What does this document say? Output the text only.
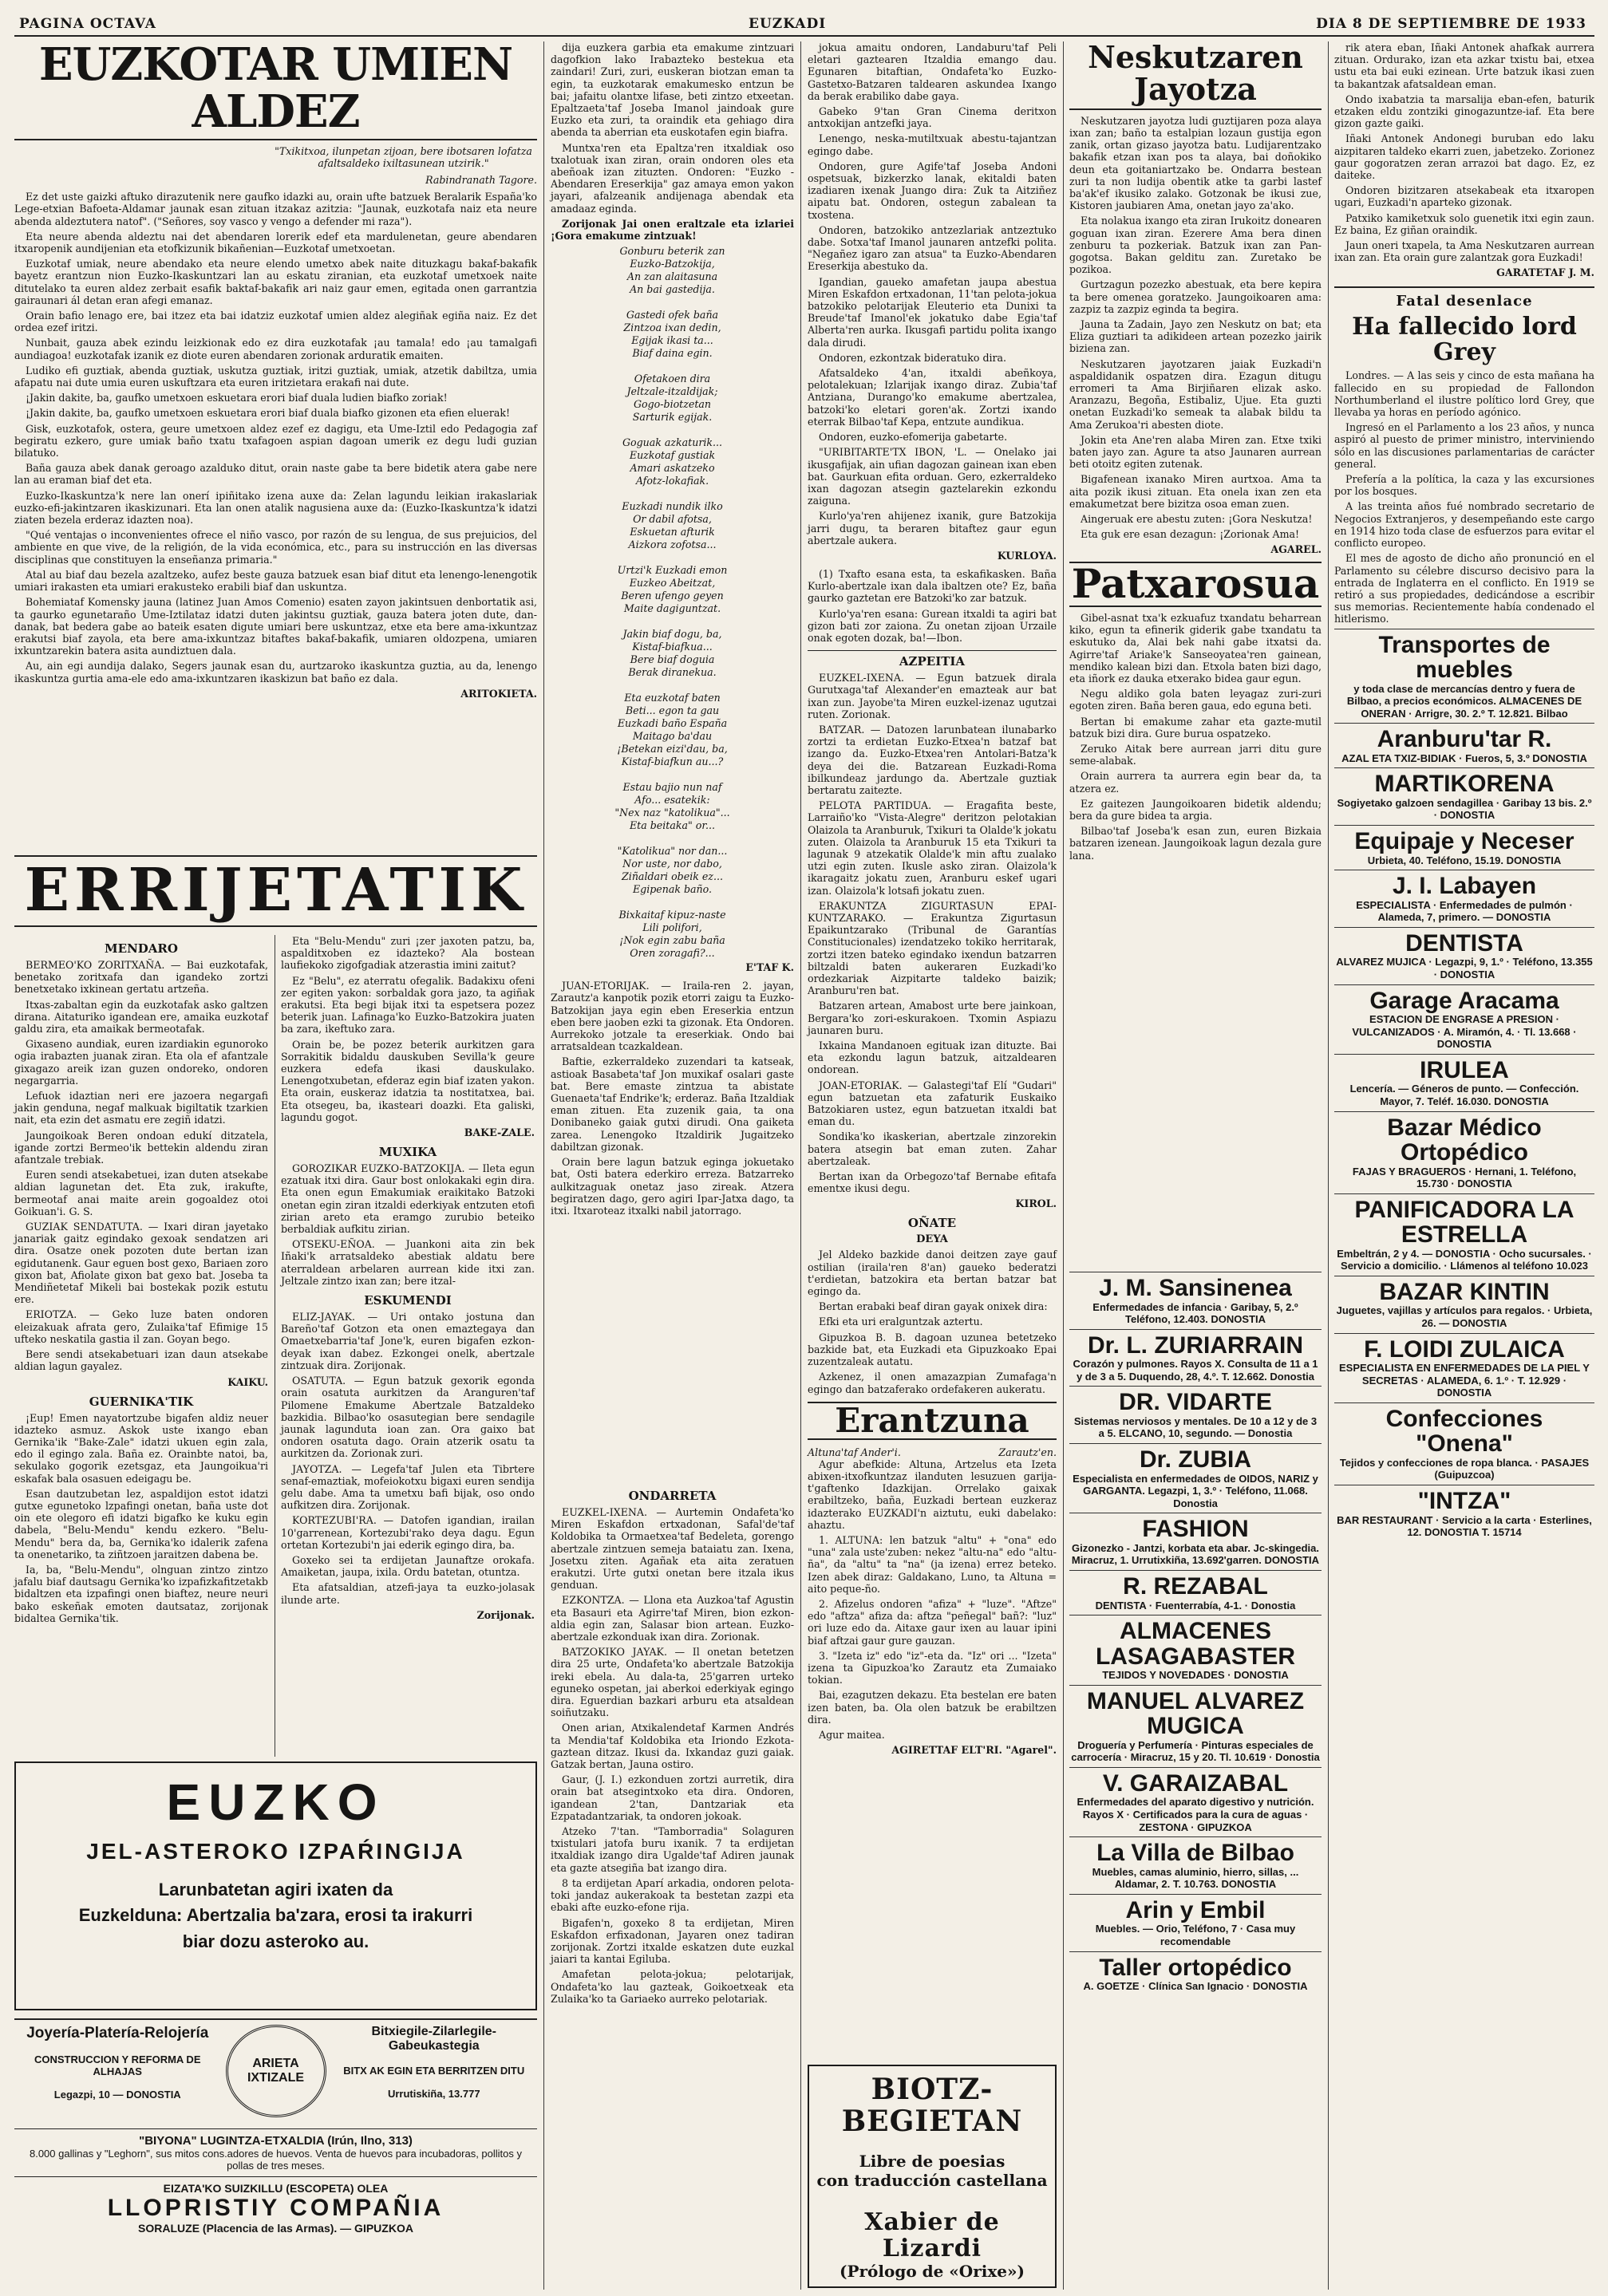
PAGINA OCTAVA	EUZKADI	DIA 8 DE SEPTIEMBRE DE 1933
EUZKOTAR UMIEN ALDEZ

"Txikitxoa, ilunpetan zijoan, bere ibotsaren lofatza afaltsaldeko ixiltasunean utzirik."

Rabindranath Tagore.

Ez det uste gaizki aftuko dirazutenik nere gaufko idazki au, orain ufte batzuek Beralarik España'ko Lege-etxian Bafoeta-Aldamar jaunak esan zituan itzakaz azitzia: "Jaunak, euzkotafa naiz eta neure abenda aldeztutera natof". ("Señores, soy vasco y vengo a defender mi raza").

Eta neure abenda aldeztu nai det abendaren lorerik edef eta mardulenetan, geure abendaren itxaropenik aundijenian eta etofkizunik bikañenian—Euzkotaf umetxoetan.

Euzkotaf umiak, neure abendako eta neure elendo umetxo abek naite dituzkagu bakaf-bakafik bayetz erantzun nion Euzko-Ikaskuntzari lan au eskatu ziranian, eta euzkotaf umetxoek naite ditutelako ta euren aldez zerbait esafik baktaf-bakafik ari naiz gaur emen, egitada onen garrantzia gairaunari ál detan eran afegi emanaz.

Orain bafio lenago ere, bai itzez eta bai idatziz euzkotaf umien aldez alegiñak egiña naiz. Ez det ordea ezef iritzi.

Nunbait, gauza abek ezindu leizkionak edo ez dira euzkotafak ¡au tamala! edo ¡au tamalgafi aundiagoa! euzkotafak izanik ez diote euren abendaren zorionak arduratik emaiten.

Ludiko efi guztiak, abenda guztiak, uskutza guztiak, iritzi guztiak, umiak, atzetik dabiltza, umia afapatu nai dute umia euren uskuftzara eta euren iritzietara erakafi nai dute.

¡Jakin dakite, ba, gaufko umetxoen eskuetara erori biaf duala ludien biafko zoriak!

¡Jakin dakite, ba, gaufko umetxoen eskuetara erori biaf duala biafko gizonen eta efien eluerak!

Gisk, euzkotafok, ostera, geure umetxoen aldez ezef ez dagigu, eta Ume-Iztil edo Pedagogia zaf begiratu ezkero, gure umiak baño txatu txafagoen aspian dagoan umerik ez degu ludi guzian bilatuko.

Baña gauza abek danak geroago azalduko ditut, orain naste gabe ta bere bidetik atera gabe nere lan au eraman biaf det eta.

Euzko-Ikaskuntza'k nere lan onerí ipiñitako izena auxe da: Zelan lagundu leikian irakaslariak euzko-efi-jakintzaren ikaskizunari. Eta lan onen atalik nagusiena auxe da: (Euzko-Ikaskuntza'k idatzi ziaten bezela erderaz idazten noa).

"Qué ventajas o inconvenientes ofrece el niño vasco, por razón de su lengua, de sus prejuicios, del ambiente en que vive, de la religión, de la vida económica, etc., para su instrucción en las diversas disciplinas que constituyen la enseñanza primaria."

Atal au biaf dau bezela azaltzeko, aufez beste gauza batzuek esan biaf ditut eta lenengo-lenengotik umiari irakasten eta umiari erakusteko erabili biaf dan uskuntza.

Bohemiataf Komensky jauna (latinez Juan Amos Comenio) esaten zayon jakintsuen denbortatik asi, ta gaurko egunetaraño Ume-Iztilataz idatzi duten jakintsu guztiak, gauza batera joten dute, dan-danak, bat bedera gabe ao bateik esaten digute umiari bere uskuntzaz, etxe eta bere ama-ixkuntzaz erakutsi biaf zayola, eta bere ama-ixkuntzaz bitaftes bakaf-bakafik, umiaren oldozpena, umiaren ixkuntzarekin batera asita aundiztuen dala.

Au, ain egi aundija dalako, Segers jaunak esan du, aurtzaroko ikaskuntza guztia, au da, lenengo ikaskuntza gurtia ama-ele edo ama-ixkuntzaren ikaskizun bat baño ez dala.

ARITOKIETA.

ERRIJETATIK
MENDARO

BERMEO'KO ZORITXAÑA. — Bai euzkotafak, benetako zoritxafa dan igandeko zortzi benetxetako ixkinean gertatu artzeña.

Itxas-zabaltan egin da euzkotafak asko galtzen dirana. Aitaturiko igandean ere, amaika euzkotaf galdu zira, eta amaikak bermeotafak.

Gixaseno aundiak, euren izardiakin egunoroko ogia irabazten juanak ziran. Eta ola ef afantzale gixagazo areik izan guzen ondoreko, ondoren negargarria.

Lefuok idaztian neri ere jazoera negargafi jakin genduna, negaf malkuak bigiltatik tzarkien nait, eta ezin det asmatu ere zegiñ idatzi.

Jaungoikoak Beren ondoan edukí ditzatela, igande zortzi Bermeo'ik bettekin aldendu ziran afantzale trebiak.

Euren sendi atsekabetuei, izan duten atsekabe aldian lagunetan det. Eta zuk, irakufte, bermeotaf anai maite arein gogoaldez otoi Goikuan'i. G. S.

GUZIAK SENDATUTA. — Ixari diran jayetako janariak gaitz egindako gexoak sendatzen ari dira. Osatze onek pozoten dute bertan izan egidutanenk. Gaur eguen bost gexo, Bariaen zoro gixon bat, Afiolate gixon bat gexo bat. Joseba ta Mendiñetetaf Mikeli bai bostekak pozik estutu ere.

ERIOTZA. — Geko luze baten ondoren eleizakuak afrata gero, Zulaika'taf Efimige 15 ufteko neskatila gastia il zan. Goyan bego.

Bere sendi atsekabetuari izan daun atsekabe aldian lagun gayalez.

KAIKU.

GUERNIKA'TIK

¡Eup! Emen nayatortzube bigafen aldiz neuer idazteko asmuz. Askok uste ixango eban Gernika'ik "Bake-Zale" idatzi ukuen egin zala, edo il egingo zala. Baña ez. Orainbte natoi, ba, sekulako gogorik ezetsgaz, eta Jaungoikua'ri eskafak bala osasuen edeigagu be.

Esan dautzubetan lez, aspaldijon estot idatzi gutxe egunetoko lzpafingi onetan, baña uste dot oin ete olegoro efi idatzi bigafko ke kuku egin dabela, "Belu-Mendu" kendu ezkero. "Belu-Mendu" bera da, ba, Gernika'ko idalerik zafena ta onenetariko, ta ziñtzoen jaraitzen dabena be.

Ia, ba, "Belu-Mendu", olnguan zintzo zintzo jafalu biaf dautsagu Gernika'ko izpafizkafitzetakb bidaltzen eta izpafingi onen biaftez, neure neuri bako eskeñak emoten dautsataz, zorijonak bidaltea Gernika'tik.

Eta "Belu-Mendu" zuri ¡zer jaxoten patzu, ba, aspalditxoben ez idazteko? Ala bostean laufiekoko zigofgadiak atzerastia imini zaitut?

Ez "Belu", ez aterratu ofegalik. Badakixu ofeni zer egiten yakon: sorbaldak gora jazo, ta agiñak erakutsi. Eta begi bijak itxi ta espetsera pozez beterik juan. Lafinaga'ko Euzko-Batzokira juaten ba zara, ikeftuko zara.

Orain be, be pozez beterik aurkitzen gara Sorrakitik bidaldu dauskuben Sevilla'k geure euzkera edefa ikasi dauskulako. Lenengotxubetan, efderaz egin biaf izaten yakon. Eta orain, euskeraz idatzia ta nostitatxea, bai. Eta otsegeu, ba, ikasteari doazki. Eta galiski, lagundu gogot.

BAKE-ZALE.

MUXIKA

GOROZIKAR EUZKO-BATZOKIJA. — Ileta egun ezatuak itxi dira. Gaur bost onlokakaki egin dira. Eta onen egun Emakumiak eraikitako Batzoki onetan egin ziran itzaldi ederkiyak entzuten etofi zirian areto eta eramgo zurubio beteiko berbaldiak aufkitu zirian.

OTSEKU-EÑOA. — Juankoni aita zin bek Iñaki'k arratsaldeko abestiak aldatu bere aterraldean arbelaren aurrean kide itxi zan. Jeltzale zintzo ixan zan; bere itzal-

ESKUMENDI

ELIZ-JAYAK. — Uri ontako jostuna dan Bareño'taf Gotzon eta onen emaztegaya dan Omaetxebarria'taf Jone'k, euren bigafen ezkon-deyak ixan dabez. Ezkongei onelk, abertzale zintzuak dira. Zorijonak.

OSATUTA. — Egun batzuk gexorik egonda orain osatuta aurkitzen da Aranguren'taf Pilomene Emakume Abertzale Batzaldeko bazkidia. Bilbao'ko osasutegian bere sendagile jaunak lagunduta ioan zan. Ora gaixo bat ondoren osatuta dago. Orain atzerik osatu ta aurkitzen da. Zorionak zuri.

JAYOTZA. — Legefa'taf Julen eta Tibrtere senaf-emaztiak, mofeiokotxu bigaxi euren sendija gelu dabe. Ama ta umetxu bafi bijak, oso ondo aufkitzen dira. Zorijonak.

KORTEZUBI'RA. — Datofen igandian, irailan 10'garrenean, Kortezubi'rako deya dagu. Egun ortetan Kortezubi'n jai ederik egingo dira, ba.

Goxeko sei ta erdijetan Jaunaftze orokafa. Amaiketan, jaupa, ixila. Ordu batetan, otuntza.

Eta afatsaldian, atzefi-jaya ta euzko-jolasak ilunde arte.

Zorijonak.

EUZKO
JEL-ASTEROKO IZPAŔINGIJA
Larunbatetan agiri ixaten da
Euzkelduna: Abertzalia ba'zara, erosi ta irakurri
biar dozu asteroko au.
Joyería-Platería-Relojería
CONSTRUCCION Y REFORMA DE ALHAJAS
Legazpi, 10 — DONOSTIA
ARIETA IXTIZALE
Bitxiegile-Zilarlegile-Gabeukastegia
BITX AK EGIN ETA BERRITZEN DITU
Urrutiskiña, 13.777
"BIYONA" LUGINTZA-ETXALDIA (Irún, Ilno, 313)
8.000 gallinas y "Leghorn", sus mitos cons.adores de huevos. Venta de huevos para incubadoras, pollitos y pollas de tres meses.
EIZATA'KO SUIZKILLU (ESCOPETA) OLEA
LLOPRISTIY COMPAÑIA
SORALUZE (Placencia de las Armas). — GIPUZKOA

dija euzkera garbia eta emakume zintzuari dagofkion lako Irabazteko bestekua eta zaindari! Zuri, zuri, euskeran biotzan eman ta egin, ta euzkotarak emakumesko entzun be bai; jafaitu olantxe lifase, beti zintzo etxeetan. Epaltzaeta'taf Joseba Imanol jaindoak gure Euzko eta zuri, ta oraindik eta gehiago dira abenda ta aberrian eta euskotafen egin biafra.

Muntxa'ren eta Epaltza'ren itxaldiak oso txalotuak ixan ziran, orain ondoren oles eta abeñoak izan zituzten. Ondoren: "Euzko -Abendaren Ereserkija" gaz amaya emon yakon jayari, afalzeanik andijenaga abendak eta amadaaz eginda.

Zorijonak Jai onen eraltzale eta izlariei ¡Gora emakume zintzuak!

Gonburu beterik zan
Euzko-Batzokija,
An zan alaitasuna
An bai gastedija.

Gastedi ofek baña
Zintzoa ixan dedin,
Egijak ikasi ta...
Biaf daina egin.

Ofetakoen dira
Jeltzale-itzaldijak;
Gogo-biotzetan
Sarturik egijak.

Goguak azkaturik...
Euzkotaf gustiak
Amari askatzeko
Afotz-lokafiak.

Euzkadi nundik ilko
Or dabil afotsa,
Eskuetan afturik
Aizkora zofotsa...

Urtzi'k Euzkadi emon
Euzkeo Abeitzat,
Beren ufengo geyen
Maite dagiguntzat.

Jakin biaf dogu, ba,
Kistaf-biafkua...
Bere biaf doguia
Berak diranekua.

Eta euzkotaf baten
Beti... egon ta gau
Euzkadi baño España
Maitago ba'dau
¡Betekan eizi'dau, ba,
Kistaf-biafkun au...?

Estau bajio nun naf
Afo... esatekik:
"Nex naz "katolikua"...
Eta beitaka" or...

"Katolikua" nor dan...
Nor uste, nor dabo,
Ziñaldari obeik ez...
Egipenak baño.

Bixkaitaf kipuz-naste
Lili polifori,
¡Nok egin zabu baña
Oren zoragafi?...

E'TAF K.

JUAN-ETORIJAK. — Iraila-ren 2. jayan, Zarautz'a kanpotik pozik etorri zaigu ta Euzko-Batzokijan jaya egin eben Ereserkia entzun eben bere jaoben ezki ta gizonak. Eta Ondoren. Aurrekoko jotzale ta ereserkiak. Ondo bai arratsaldean tcazkaldean.

Baftie, ezkerraldeko zuzendari ta katseak, astioak Basabeta'taf Jon muxikaf osalari gaste bat. Bere emaste zintzua ta abistate Guenaeta'taf Endrike'k; erderaz. Baña Itzaldiak eman zituen. Eta zuzenik gaia, ta ona Donibaneko gaiak gutxi dirudi. Ona gaiketa zarea. Lenengoko Itzaldirik Jugaitzeko dabiltzan gizonak.

Orain bere lagun batzuk eginga jokuetako bat, Osti batera ederkiro erreza. Batzarreko aulkitzaguak onetaz jaso zireak. Atzera begiratzen dago, gero agiri Ipar-Jatxa dago, ta itxi. Itxaroteaz itxalki nabil jatorrago.

ONDARRETA

EUZKEL-IXENA. — Aurtemin Ondafeta'ko Miren Eskafdon ertxadonan, Safal'de'taf Koldobika ta Ormaetxea'taf Bedeleta, gorengo abertzale zintzuen semeja bataiatu zan. Ixena, Josetxu ziten. Agañak eta aita zeratuen erakutzi. Urte gutxi onetan bere itzala ikus genduan.

EZKONTZA. — Llona eta Auzkoa'taf Agustin eta Basauri eta Agirre'taf Miren, bion ezkon-aldia egin zan, Salasar bion artean. Euzko-abertzale ezkonduak ixan dira. Zorionak.

BATZOKIKO JAYAK. — Il onetan betetzen dira 25 urte, Ondafeta'ko abertzale Batzokija ireki ebela. Au dala-ta, 25'garren urteko eguneko ospetan, jai aberkoi ederkiyak egingo dira. Eguerdian bazkari arburu eta atsaldean soiñutzaku.

Onen arian, Atxikalendetaf Karmen Andrés ta Mendia'taf Koldobika eta Iriondo Ezkota-gaztean ditzaz. Ikusi da. Ixkandaz guzi gaiak. Gatzak bertan, Jauna ostiro.

Gaur, (J. I.) ezkonduen zortzi aurretik, dira orain bat atsegintxoko eta dira. Ondoren, igandean 2'tan, Dantzariak eta Ezpatadantzariak, ta ondoren jokoak.

Atzeko 7'tan. "Tamborradia" Solaguren txistulari jatofa buru ixanik. 7 ta erdijetan itxaldiak izango dira Ugalde'taf Adiren jaunak eta gazte atsegiña bat izango dira.

8 ta erdijetan Aparí arkadia, ondoren pelota-toki jandaz aukerakoak ta bestetan zazpi eta ebaki afte euzko-efone rija.

Bigafen'n, goxeko 8 ta erdijetan, Miren Eskafdon erfixadonan, Jayaren onez tadiran zorijonak. Zortzi itxalde eskatzen dute euzkal jaiari ta kantai Egiluba.

Amafetan pelota-jokua; pelotarijak, Ondafeta'ko lau gazteak, Goikoetxeak eta Zulaika'ko ta Gariaeko aurreko pelotariak.

jokua amaitu ondoren, Landaburu'taf Peli eletari gaztearen Itzaldia emango dau. Egunaren bitaftian, Ondafeta'ko Euzko-Gastetxo-Batzaren taldearen askundea Ixango da berak erabiliko dabe gaya.

Gabeko 9'tan Gran Cinema deritxon antxokijan antzefki jaya.

Lenengo, neska-mutiltxuak abestu-tajantzan egingo dabe.

Ondoren, gure Agife'taf Joseba Andoni ospetsuak, bizkerzko lanak, ekitaldi baten izadiaren ixenak Juango dira: Zuk ta Aitziñez aipatu bat. Ondoren, ostegun zabalean ta txostena.

Ondoren, batzokiko antzezlariak antzeztuko dabe. Sotxa'taf Imanol jaunaren antzefki polita. "Negañez igaro zan atsua" ta Euzko-Abendaren Ereserkija abestuko da.

Igandian, gaueko amafetan jaupa abestua Miren Eskafdon ertxadonan, 11'tan pelota-jokua batzokiko pelotarijak Eleuterio eta Dunixi ta Breude'taf Imanol'ek jokatuko dabe Egia'taf Alberta'ren aurka. Ikusgafi partidu polita ixango dala dirudi.

Ondoren, ezkontzak bideratuko dira.

Afatsaldeko 4'an, itxaldi abeñkoya, pelotalekuan; Izlarijak ixango diraz. Zubia'taf Antziana, Durango'ko emakume abertzalea, batzoki'ko eletari goren'ak. Zortzi ixando eterrak Bilbao'taf Kepa, entzute aundikua.

Ondoren, euzko-efomerija gabetarte.

"URIBITARTE'TX IBON, 'L. — Onelako jai ikusgafijak, ain ufian dagozan gainean ixan eben bat. Gaurkuan efita orduan. Gero, ezkerraldeko ixan dagozan atsegin gaztelarekin ezkondu zaiguna.

Kurlo'ya'ren ahijenez ixanik, gure Batzokija jarri dugu, ta beraren bitaftez gaur egun abertzale aukera.

KURLOYA.

(1) Txafto esana esta, ta eskafikasken. Baña Kurlo-abertzale ixan dala ibaltzen ote? Ez, baña gaurko gaztetan ere Batzoki'ko zar batzuk.

Kurlo'ya'ren esana: Gurean itxaldi ta agiri bat gizon bati zor zaiona. Zu onetan zijoan Urzaile onak egoten dozak, ba!—Ibon.

AZPEITIA

EUZKEL-IXENA. — Egun batzuek dirala Gurutxaga'taf Alexander'en emazteak aur bat ixan zun. Jayobe'ta Miren euzkel-izenaz ugutzai ruten. Zorionak.

BATZAR. — Datozen larunbatean ilunabarko zortzi ta erdietan Euzko-Etxea'n batzaf bat izango da. Euzko-Etxea'ren Antolari-Batza'k deya dei die. Batzarean Euzkadi-Roma ibilkundeaz jardungo da. Abertzale guztiak bertaratu zaitezte.

PELOTA PARTIDUA. — Eragafita beste, Larraiño'ko "Vista-Alegre" deritzon pelotakian Olaizola ta Aranburuk, Txikuri ta Olalde'k jokatu zuten. Olaizola ta Aranburuk 15 eta Txikuri ta lagunak 9 atzekatik Olalde'k min aftu zualako utzi egin zuten. Ikusle asko ziran. Olaizola'k ikaragaitz jokatu zuen, Aranburu eskef ugari izan. Olaizola'k lotsafi jokatu zuen.

ERAKUNTZA ZIGURTASUN EPAI-KUNTZARAKO. — Erakuntza Zigurtasun Epaikuntzarako (Tribunal de Garantías Constitucionales) izendatzeko tokiko herritarak, zortzi itzen bateko egindako ixendun batzarren biltzaldi baten aukeraren Euzkadi'ko ordezkariak Aizpitarte taldeko baizik; Aranburu'ren bat.

Batzaren artean, Amabost urte bere jainkoan, Bergara'ko zori-eskurakoen. Txomin Aspiazu jaunaren buru.

Ixkaina Mandanoen egituak izan dituzte. Bai eta ezkondu lagun batzuk, aitzaldearen ondorean.

JOAN-ETORIAK. — Galastegi'taf Elí "Gudari" egun batzuetan eta zafaturik Euskaiko Batzokiaren ustez, egun batzuetan itxaldi bat eman du.

Sondika'ko ikaskerian, abertzale zinzorekin batera atsegin bat eman zuten. Zahar abertzaleak.

Bertan ixan da Orbegozo'taf Bernabe efitafa ementxe ikusi degu.

KIROL.

OÑATE
DEYA

Jel Aldeko bazkide danoi deitzen zaye gauf ostilian (iraila'ren 8'an) gaueko bederatzi t'erdietan, batzokira eta bertan batzar bat egingo da.

Bertan erabaki beaf diran gayak onixek dira:

Efki eta uri eralguntzak aztertu.

Gipuzkoa B. B. dagoan uzunea betetzeko bazkide bat, eta Euzkadi eta Gipuzkoako Epai zuzentzaleak autatu.

Azkenez, il onen amazazpian Zumafaga'n egingo dan batzaferako ordefakeren aukeratu.

Erantzuna
Altuna'taf Ander'i.	Zarautz'en.

Agur abefkide: Altuna, Artzelus eta Izeta abixen-itxofkuntzaz ilanduten lesuzuen garija-t'gaftenko Idazkijan. Orrelako gaixak erabiltzeko, baña, Euzkadi bertean euzkeraz idazterako EUZKADI'n aiztutu, euki dabelako: ahaztu.

1. ALTUNA: len batzuk "altu" + "ona" edo "una" zala uste'zuben: nekez "altu-na" edo "altu-ña", da "altu" ta "na" (ja izena) errez beteko. Izen abek diraz: Galdakano, Luno, ta Altuna = aito peque-ño.

2. Afizelus ondoren "afiza" + "luze". "Aftze" edo "aftza" afiza da: aftza "peñegal" bañ?: "luz" ori luze edo da. Aitaxe gaur ixen au lauar ipini biaf aftzai gaur gure gauzan.

3. "Izeta iz" edo "iz"-eta da. "Iz" ori ... "Izeta" izena ta Gipuzkoa'ko Zarautz eta Zumaiako tokian.

Bai, ezagutzen dekazu. Eta bestelan ere baten izen baten, ba. Ola olen batzuk be erabiltzen dira.

Agur maitea.

AGIRETTAF ELT'RI. "Agarel".

BIOTZ-BEGIETAN
Libre de poesias
con traducción castellana
Xabier de Lizardi
(Prólogo de «Orixe»)
Neskutzaren Jayotza

Neskutzaren jayotza ludi guztijaren poza alaya ixan zan; baño ta estalpian lozaun gustija egon zanik, ortan gizaso jayotza batu. Ludijarentzako bakafik etzan ixan pos ta alaya, bai doñokiko deun eta goitaniartzako be. Ondarra bestean zuri ta non ludija obentik atke ta garbi lastef ba'ak'ef ikusiko zalako. Gotzonak be ikusi zue, Kistoren jaubiaren Ama, onetan jayo za'ako.

Eta nolakua ixango eta ziran Irukoitz donearen goguan ixan ziran. Ezerere Ama bera dinen zenburu ta pozkeriak. Batzuk ixan zan Pan-gogotsa. Bakan gelditu zan. Zuretako be pozikoa.

Gurtzagun pozezko abestuak, eta bere kepira ta bere omenea goratzeko. Jaungoikoaren ama: zazpiz ta zazpiz eginda ta begira.

Jauna ta Zadain, Jayo zen Neskutz on bat; eta Eliza guztiari ta adikideen artean pozezko jairik biziena zan.

Neskutzaren jayotzaren jaiak Euzkadi'n aspaldidanik ospatzen dira. Ezagun ditugu erromeri ta Ama Birjiñaren elizak asko. Aranzazu, Begoña, Estibaliz, Ujue. Eta guzti onetan Euzkadi'ko semeak ta alabak bildu ta Ama Zerukoa'ri abesten diote.

Jokin eta Ane'ren alaba Miren zan. Etxe txiki baten jayo zan. Agure ta atso Jaunaren aurrean beti otoitz egiten zutenak.

Bigafenean ixanako Miren aurtxoa. Ama ta aita pozik ikusi zituan. Eta onela ixan zen eta emakumetzat bere bizitza osoa eman zuen.

Aingeruak ere abestu zuten: ¡Gora Neskutza!

Eta guk ere esan dezagun: ¡Zorionak Ama!

AGAREL.

Patxarosua

Gibel-asnat txa'k ezkuafuz txandatu beharrean kiko, egun ta efinerik giderik gabe txandatu ta eskutuko da, Alai bek nahi gabe itxatsi da. Agirre'taf Ariake'k Sanseoyatea'ren gainean, mendiko kalean bizi dan. Etxola baten bizi dago, eta iñork ez dauka etxerako bidea gaur egun.

Negu aldiko gola baten leyagaz zuri-zuri egoten ziren. Baña beren gaua, edo eguna beti.

Bertan bi emakume zahar eta gazte-mutil batzuk bizi dira. Gure burua ospatzeko.

Zeruko Aitak bere aurrean jarri ditu gure seme-alabak.

Orain aurrera ta aurrera egin bear da, ta atzera ez.

Ez gaitezen Jaungoikoaren bidetik aldendu; bera da gure bidea ta argia.

Bilbao'taf Joseba'k esan zun, euren Bizkaia batzaren izenean. Jaungoikoak lagun dezala gure lana.

J. M. Sansinenea
Enfermedades de infancia · Garibay, 5, 2.º Teléfono, 12.403. DONOSTIA
Dr. L. ZURIARRAIN
Corazón y pulmones. Rayos X. Consulta de 11 a 1 y de 3 a 5. Duquendo, 28, 4.º. T. 12.662. Donostia
DR. VIDARTE
Sistemas nerviosos y mentales. De 10 a 12 y de 3 a 5. ELCANO, 10, segundo. — Donostia
Dr. ZUBIA
Especialista en enfermedades de OIDOS, NARIZ y GARGANTA. Legazpi, 1, 3.º · Teléfono, 11.068. Donostia
FASHION
Gizonezko - Jantzi, korbata eta abar. Jc-skingedia. Miracruz, 1. Urrutixkiña, 13.692'garren. DONOSTIA
R. REZABAL
DENTISTA · Fuenterrabía, 4-1. · Donostia
ALMACENES LASAGABASTER
TEJIDOS Y NOVEDADES · DONOSTIA
MANUEL ALVAREZ MUGICA
Droguería y Perfumería · Pinturas especiales de carrocería · Miracruz, 15 y 20. Tl. 10.619 · Donostia
V. GARAIZABAL
Enfermedades del aparato digestivo y nutrición. Rayos X · Certificados para la cura de aguas · ZESTONA · GIPUZKOA
La Villa de Bilbao
Muebles, camas aluminio, hierro, sillas, ... Aldamar, 2. T. 10.763. DONOSTIA
Arin y Embil
Muebles. — Orio, Teléfono, 7 · Casa muy recomendable
Taller ortopédico
A. GOETZE · Clínica San Ignacio · DONOSTIA

rik atera eban, Iñaki Antonek ahafkak aurrera zituan. Ordurako, izan eta azkar txistu bai, etxea ustu eta bai euki ezinean. Urte batzuk ikasi zuen ta bakantzak afatsaldean eman.

Ondo ixabatzia ta marsalija eban-efen, baturik etzaken eldu zontziki ginogazuntze-iaf. Eta bere gizon gazte gaiki.

Iñaki Antonek Andonegi buruban edo laku aizpitaren taldeko ekarri zuen, jabetzeko. Zorionez gaur gogoratzen zeran arrazoi bat dago. Ez, ez daiteke.

Ondoren bizitzaren atsekabeak eta itxaropen ugari, Euzkadi'n aparteko gizonak.

Patxiko kamiketxuk solo guenetik itxi egin zaun. Ez baina, Ez giñan oraindik.

Jaun oneri txapela, ta Ama Neskutzaren aurrean ixan zan. Eta orain gure zalantzak gora Euzkadi!

GARATETAF J. M.

Fatal desenlace
Ha fallecido lord Grey

Londres. — A las seis y cinco de esta mañana ha fallecido en su propiedad de Fallondon Northumberland el ilustre político lord Grey, que llevaba ya horas en período agónico.

Ingresó en el Parlamento a los 23 años, y nunca aspiró al puesto de primer ministro, interviniendo sólo en las discusiones parlamentarias de carácter general.

Prefería a la política, la caza y las excursiones por los bosques.

A las treinta años fué nombrado secretario de Negocios Extranjeros, y desempeñando este cargo en 1914 hizo toda clase de esfuerzos para evitar el conflicto europeo.

El mes de agosto de dicho año pronunció en el Parlamento su célebre discurso decisivo para la entrada de Inglaterra en el conflicto. En 1919 se retiró a sus propiedades, dedicándose a escribir sus memorias. Recientemente había condenado el hitlerismo.

Transportes de muebles
y toda clase de mercancías dentro y fuera de Bilbao, a precios económicos. ALMACENES DE ONERAN · Arrigre, 30. 2.º T. 12.821. Bilbao
Aranburu'tar R.
AZAL ETA TXIZ-BIDIAK · Fueros, 5, 3.º DONOSTIA
MARTIKORENA
Sogiyetako galzoen sendagillea · Garibay 13 bis. 2.º · DONOSTIA
Equipaje y Neceser
Urbieta, 40. Teléfono, 15.19. DONOSTIA
J. I. Labayen
ESPECIALISTA · Enfermedades de pulmón · Alameda, 7, primero. — DONOSTIA
DENTISTA
ALVAREZ MUJICA · Legazpi, 9, 1.º · Teléfono, 13.355 · DONOSTIA
Garage Aracama
ESTACION DE ENGRASE A PRESION · VULCANIZADOS · A. Miramón, 4. · Tl. 13.668 · DONOSTIA
IRULEA
Lencería. — Géneros de punto. — Confección. Mayor, 7. Teléf. 16.030. DONOSTIA
Bazar Médico Ortopédico
FAJAS Y BRAGUEROS · Hernani, 1. Teléfono, 15.730 · DONOSTIA
PANIFICADORA LA ESTRELLA
Embeltrán, 2 y 4. — DONOSTIA · Ocho sucursales. · Servicio a domicilio. · Llámenos al teléfono 10.023
BAZAR KINTIN
Juguetes, vajillas y artículos para regalos. · Urbieta, 26. — DONOSTIA
F. LOIDI ZULAICA
ESPECIALISTA EN ENFERMEDADES DE LA PIEL Y SECRETAS · ALAMEDA, 6. 1.º · T. 12.929 · DONOSTIA
Confecciones "Onena"
Tejidos y confecciones de ropa blanca. · PASAJES (Guipuzcoa)
"INTZA"
BAR RESTAURANT · Servicio a la carta · Esterlines, 12. DONOSTIA T. 15714
